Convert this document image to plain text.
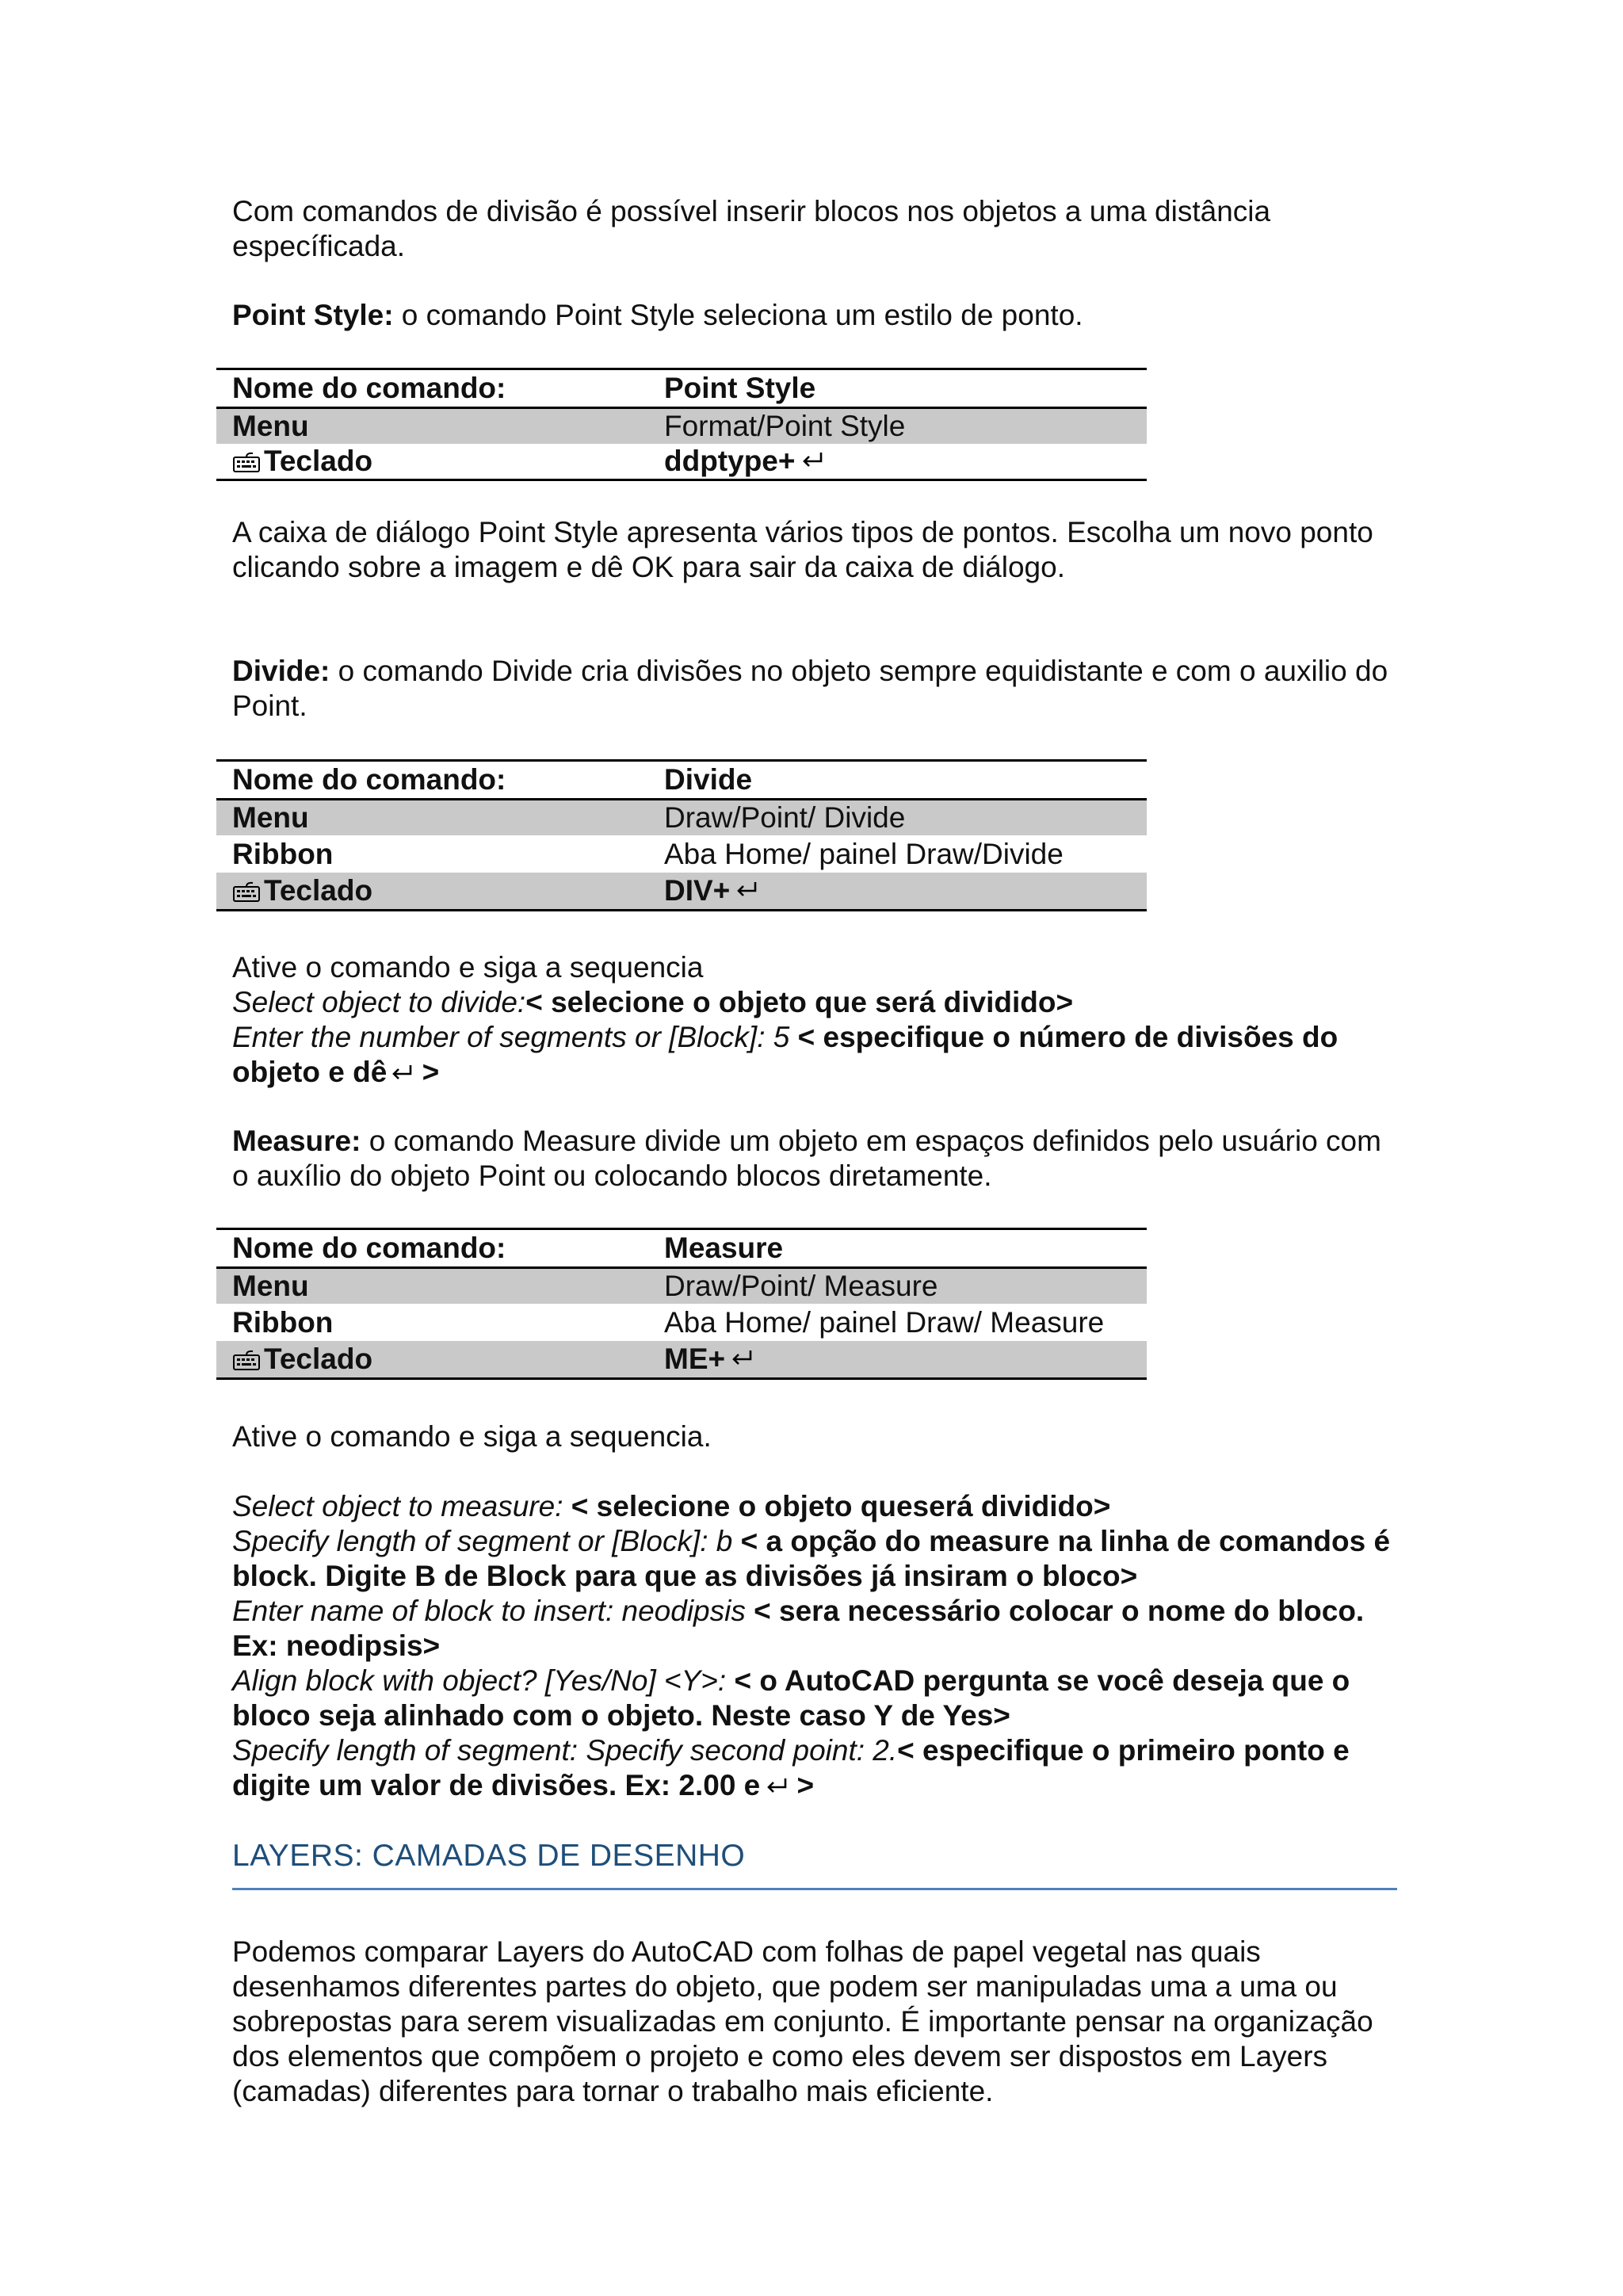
Com comandos de divisão é possível inserir blocos nos objetos a uma distância específicada.

Point Style: o comando Point Style seleciona um estilo de ponto.

Nome do comando:	Point Style
Menu	Format/Point Style
Teclado	ddptype+

A caixa de diálogo Point Style apresenta vários tipos de pontos. Escolha um novo ponto clicando sobre a imagem e dê OK para sair da caixa de diálogo.

Divide: o comando Divide cria divisões no objeto sempre equidistante e com o auxilio do Point.

Nome do comando:	Divide
Menu	Draw/Point/ Divide
Ribbon	Aba Home/ painel Draw/Divide
Teclado	DIV+

Ative o comando e siga a sequencia
Select object to divide:< selecione o objeto que será dividido>
Enter the number of segments or [Block]: 5 < especifique o número de divisões do objeto e dê >

Measure: o comando Measure divide um objeto em espaços definidos pelo usuário com o auxílio do objeto Point ou colocando blocos diretamente.

Nome do comando:	Measure
Menu	Draw/Point/ Measure
Ribbon	Aba Home/ painel Draw/ Measure
Teclado	ME+

Ative o comando e siga a sequencia.

Select object to measure: < selecione o objeto queserá dividido>
Specify length of segment or [Block]: b < a opção do measure na linha de comandos é block. Digite B de Block para que as divisões já insiram o bloco>
Enter name of block to insert: neodipsis < sera necessário colocar o nome do bloco. Ex: neodipsis>
Align block with object? [Yes/No] <Y>: < o AutoCAD pergunta se você deseja que o bloco seja alinhado com o objeto. Neste caso Y de Yes>
Specify length of segment: Specify second point: 2.< especifique o primeiro ponto e digite um valor de divisões. Ex: 2.00 e >

LAYERS: CAMADAS DE DESENHO

Podemos comparar Layers do AutoCAD com folhas de papel vegetal nas quais desenhamos diferentes partes do objeto, que podem ser manipuladas uma a uma ou sobrepostas para serem visualizadas em conjunto. É importante pensar na organização dos elementos que compõem o projeto e como eles devem ser dispostos em Layers (camadas) diferentes para tornar o trabalho mais eficiente.
